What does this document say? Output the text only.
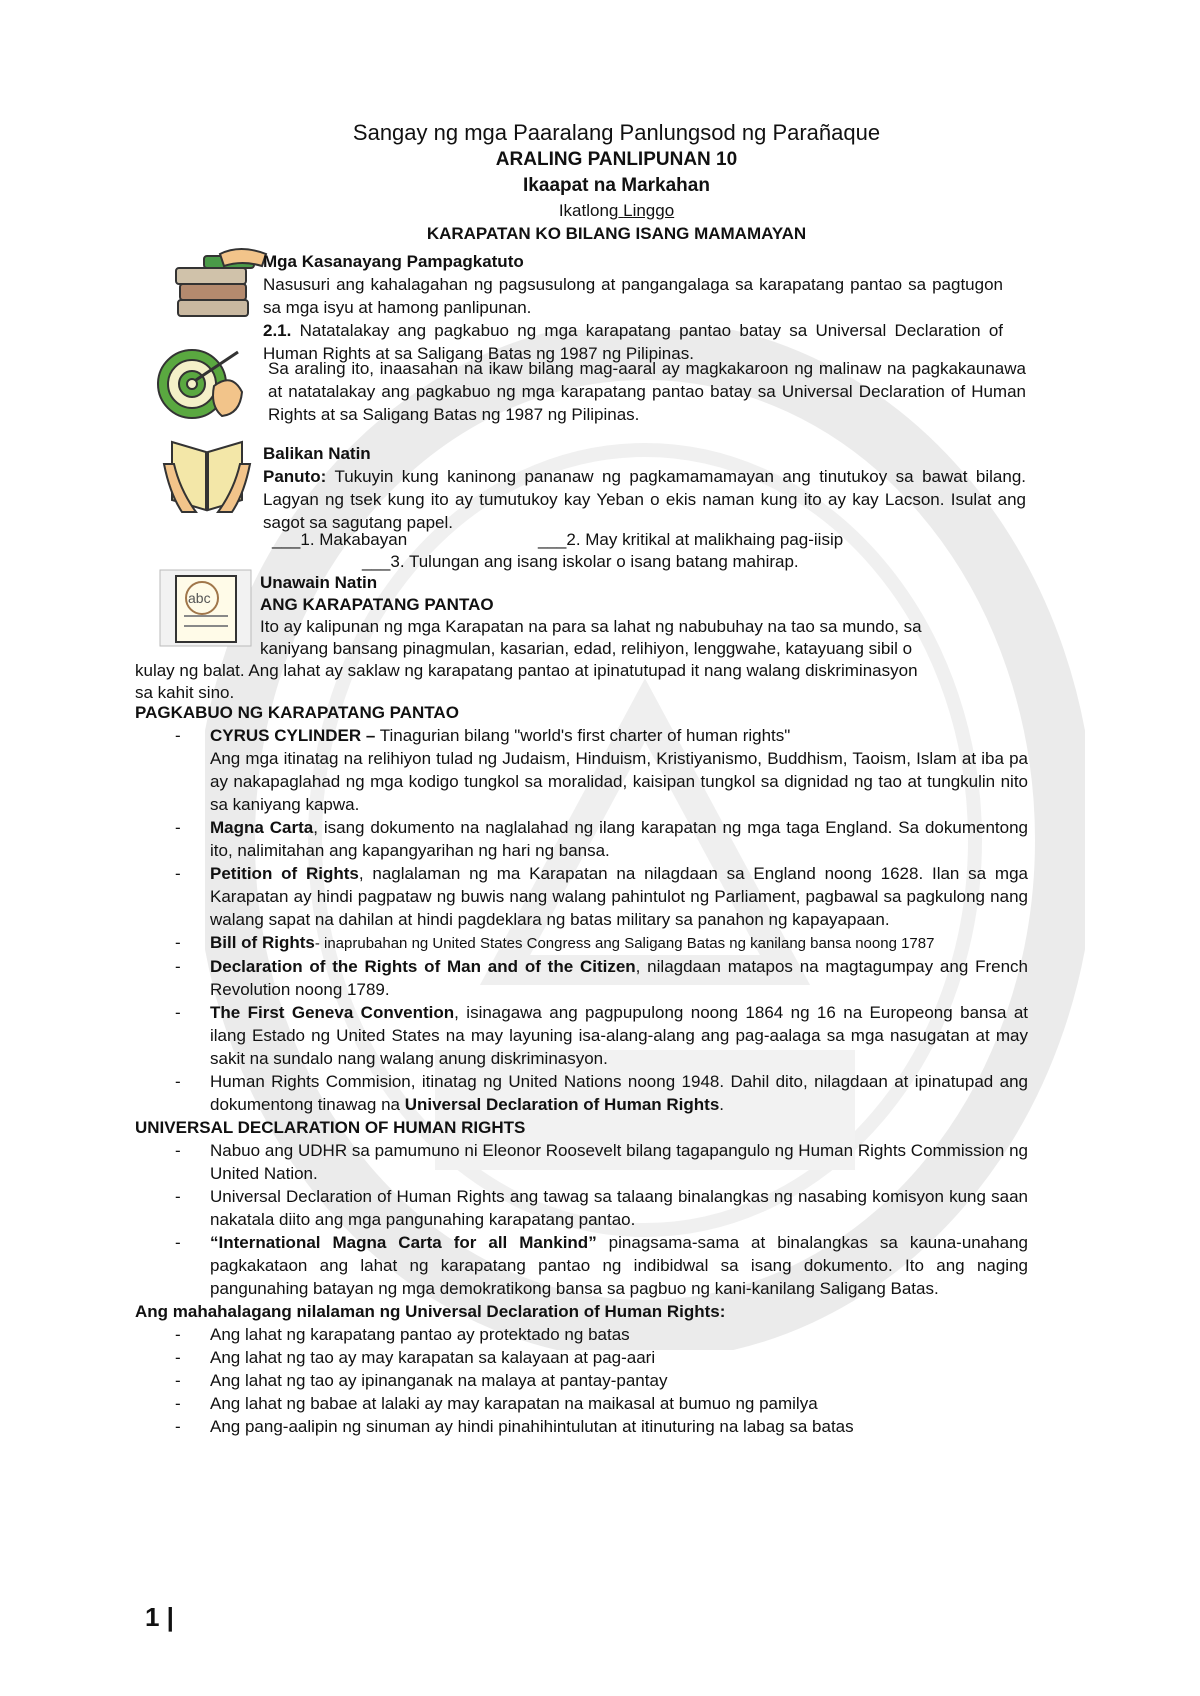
Sangay ng mga Paaralang Panlungsod ng Parañaque
ARALING PANLIPUNAN 10
Ikaapat na Markahan
Ikatlong Linggo
KARAPATAN KO BILANG ISANG MAMAMAYAN
abc

Mga Kasanayang Pampagkatuto

Nasusuri ang kahalagahan ng pagsusulong at pangangalaga sa karapatang pantao sa pagtugon sa mga isyu at hamong panlipunan.

2.1. Natatalakay ang pagkabuo ng mga karapatang pantao batay sa Universal Declaration of Human Rights at sa Saligang Batas ng 1987 ng Pilipinas.

Sa araling ito, inaasahan na ikaw bilang mag-aaral ay magkakaroon ng malinaw na pagkakaunawa at natatalakay ang pagkabuo ng mga karapatang pantao batay sa Universal Declaration of Human Rights at sa Saligang Batas ng 1987 ng Pilipinas.

Balikan Natin

Panuto: Tukuyin kung kaninong pananaw ng pagkamamamayan ang tinutukoy sa bawat bilang. Lagyan ng tsek kung ito ay tumutukoy kay Yeban o ekis naman kung ito ay kay Lacson. Isulat ang sagot sa sagutang papel.

___1. Makabayan	___2. May kritikal at malikhaing pag-iisip
___3. Tulungan ang isang iskolar o isang batang mahirap.
Unawain Natin
ANG KARAPATANG PANTAO
Ito ay kalipunan ng mga Karapatan na para sa lahat ng nabubuhay na tao sa mundo, sa
kaniyang bansang pinagmulan, kasarian, edad, relihiyon, lenggwahe, katayuang sibil o
kulay ng balat. Ang lahat ay saklaw ng karapatang pantao at ipinatutupad it nang walang diskriminasyon
sa kahit sino.

PAGKABUO NG KARAPATANG PANTAO

- CYRUS CYLINDER – Tinagurian bilang "world's first charter of human rights"
Ang mga itinatag na relihiyon tulad ng Judaism, Hinduism, Kristiyanismo, Buddhism, Taoism, Islam at iba pa ay nakapaglahad ng mga kodigo tungkol sa moralidad, kaisipan tungkol sa dignidad ng tao at tungkulin nito sa kaniyang kapwa.
- Magna Carta, isang dokumento na naglalahad ng ilang karapatan ng mga taga England. Sa dokumentong ito, nalimitahan ang kapangyarihan ng hari ng bansa.
- Petition of Rights, naglalaman ng ma Karapatan na nilagdaan sa England noong 1628. Ilan sa mga Karapatan ay hindi pagpataw ng buwis nang walang pahintulot ng Parliament, pagbawal sa pagkulong nang walang sapat na dahilan at hindi pagdeklara ng batas military sa panahon ng kapayapaan.
- Bill of Rights- inaprubahan ng United States Congress ang Saligang Batas ng kanilang bansa noong 1787
- Declaration of the Rights of Man and of the Citizen, nilagdaan matapos na magtagumpay ang French Revolution noong 1789.
- The First Geneva Convention, isinagawa ang pagpupulong noong 1864 ng 16 na Europeong bansa at ilang Estado ng United States na may layuning isa-alang-alang ang pag-aalaga sa mga nasugatan at may sakit na sundalo nang walang anung diskriminasyon.
- Human Rights Commision, itinatag ng United Nations noong 1948. Dahil dito, nilagdaan at ipinatupad ang dokumentong tinawag na Universal Declaration of Human Rights.

UNIVERSAL DECLARATION OF HUMAN RIGHTS

- Nabuo ang UDHR sa pamumuno ni Eleonor Roosevelt bilang tagapangulo ng Human Rights Commission ng United Nation.
- Universal Declaration of Human Rights ang tawag sa talaang binalangkas ng nasabing komisyon kung saan nakatala diito ang mga pangunahing karapatang pantao.
- “International Magna Carta for all Mankind” pinagsama-sama at binalangkas sa kauna-unahang pagkakataon ang lahat ng karapatang pantao ng indibidwal sa isang dokumento. Ito ang naging pangunahing batayan ng mga demokratikong bansa sa pagbuo ng kani-kanilang Saligang Batas.

Ang mahahalagang nilalaman ng Universal Declaration of Human Rights:

- Ang lahat ng karapatang pantao ay protektado ng batas
- Ang lahat ng tao ay may karapatan sa kalayaan at pag-aari
- Ang lahat ng tao ay ipinanganak na malaya at pantay-pantay
- Ang lahat ng babae at lalaki ay may karapatan na maikasal at bumuo ng pamilya
- Ang pang-aalipin ng sinuman ay hindi pinahihintulutan at itinuturing na labag sa batas
1 |
